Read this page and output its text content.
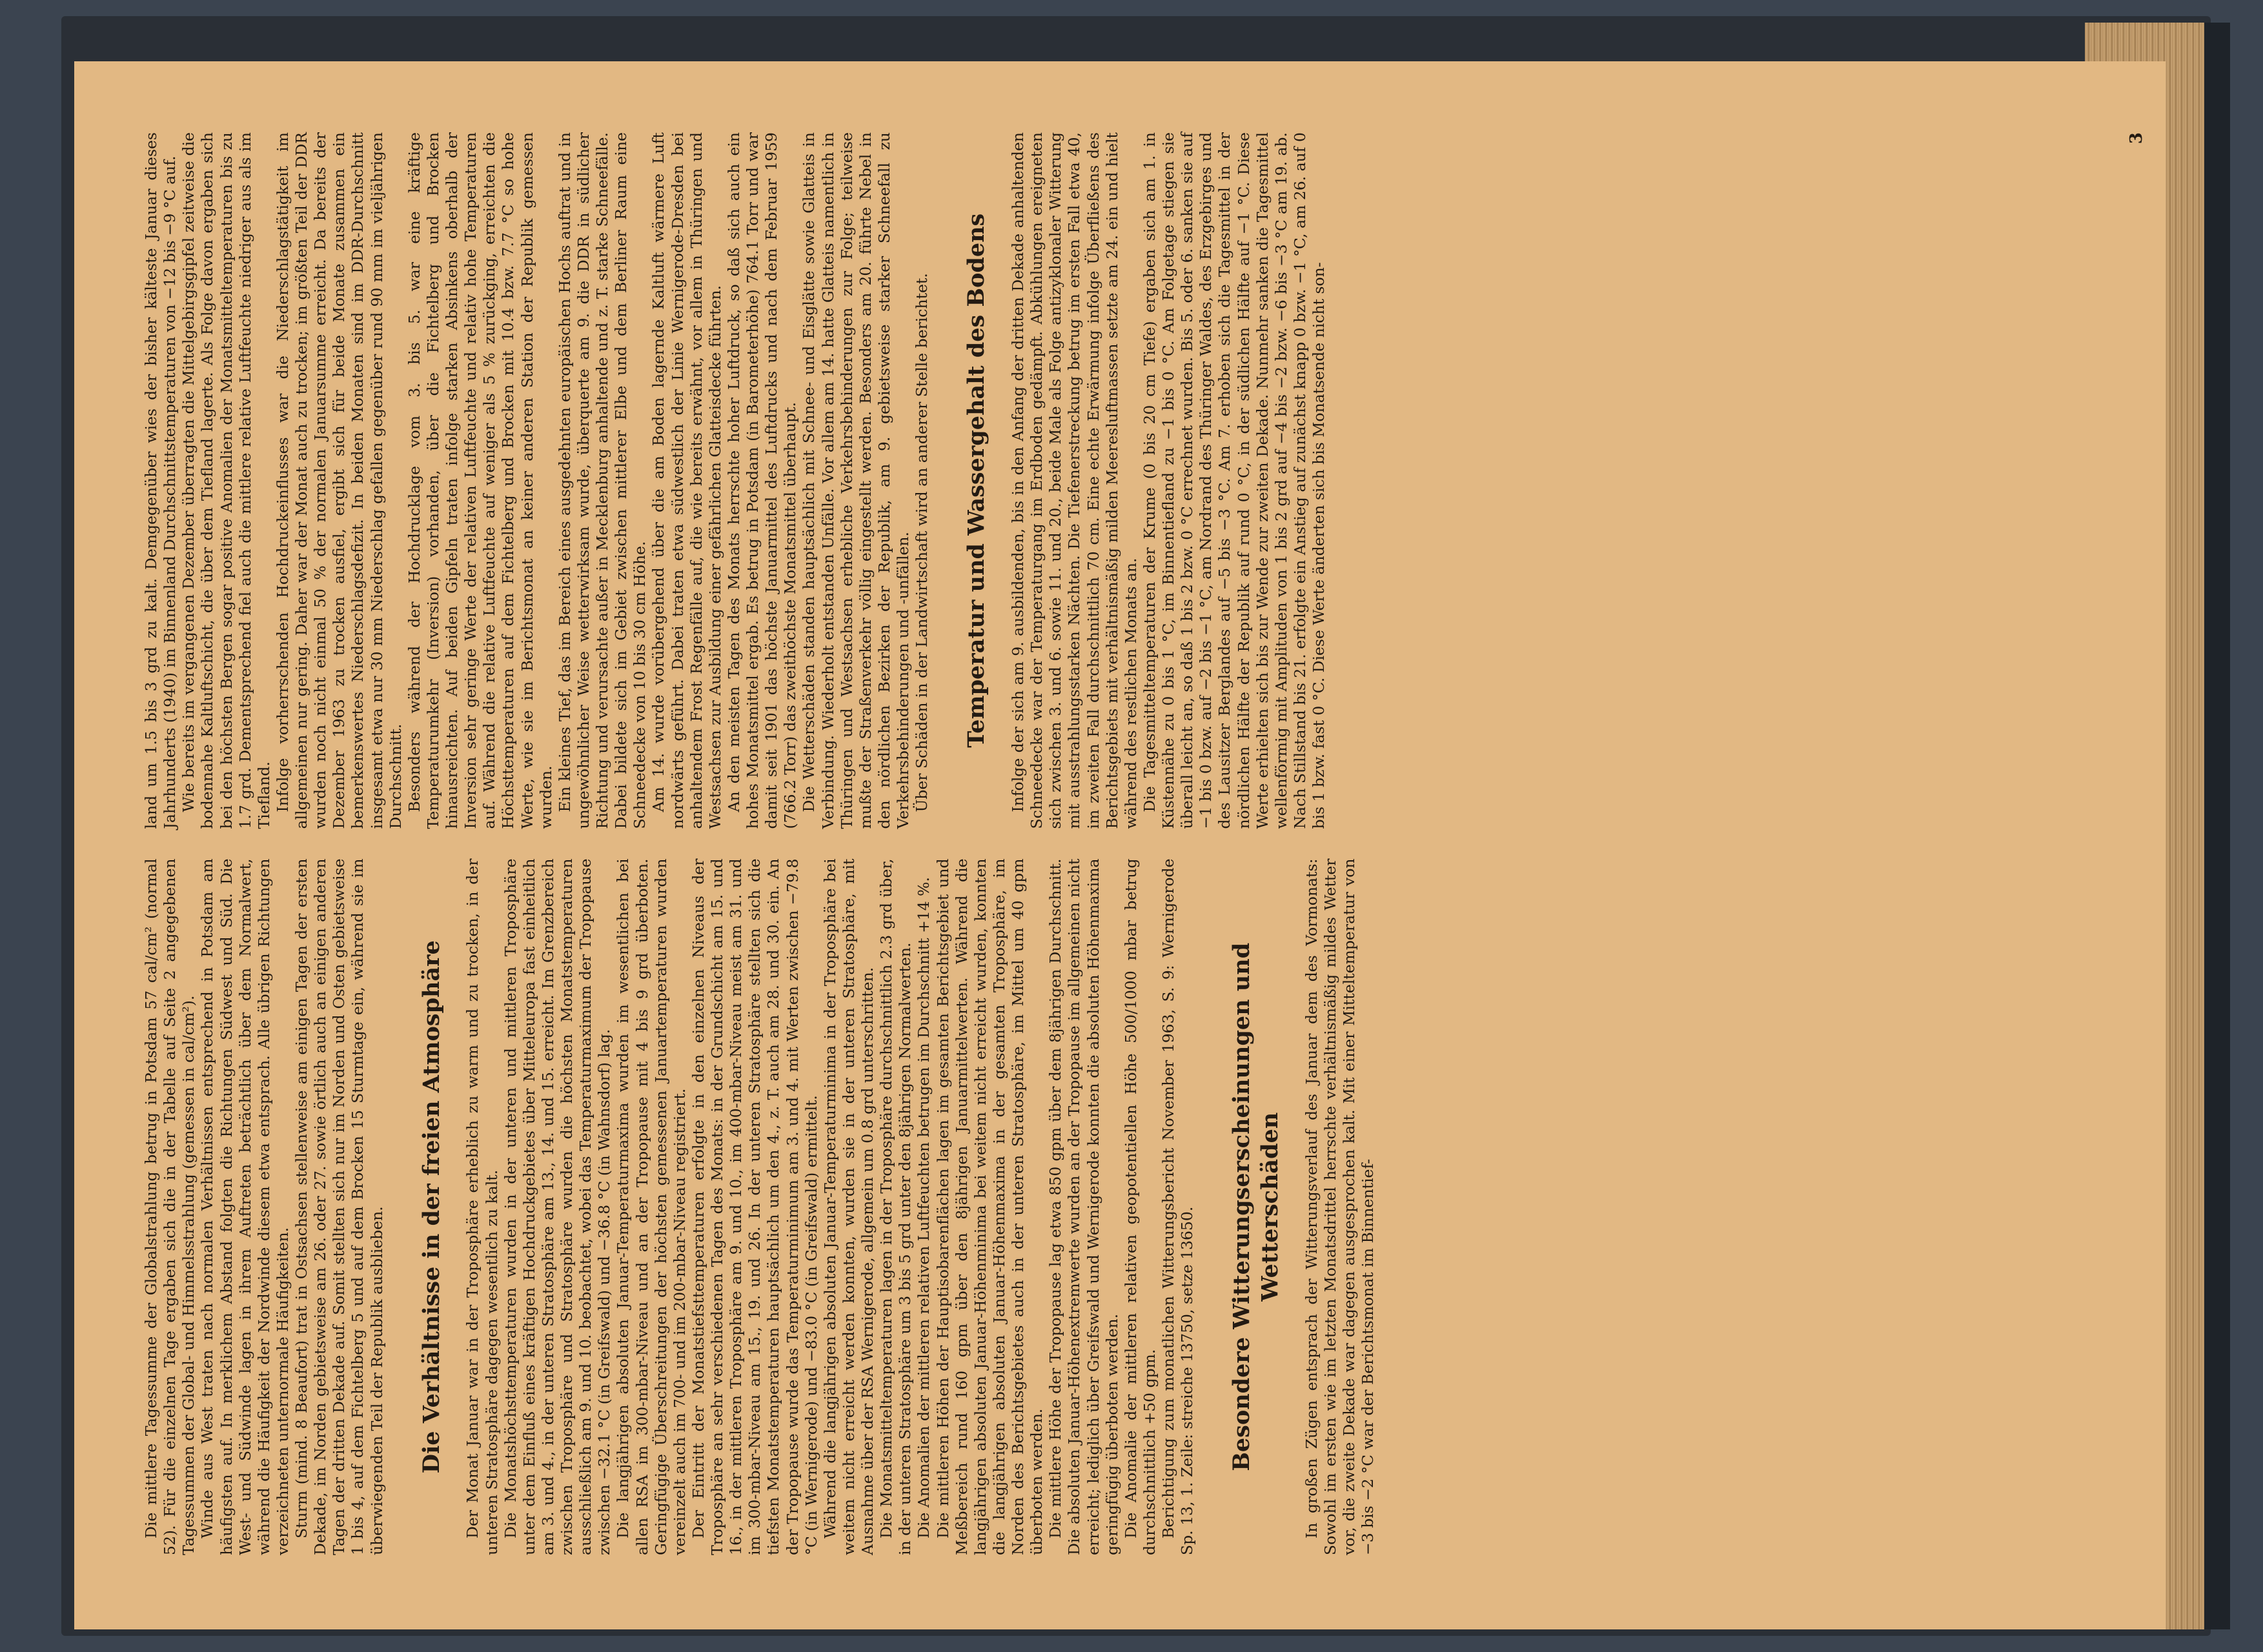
Die mittlere Tagessumme der Globalstrahlung betrug in Potsdam 57 cal/cm² (normal 52). Für die einzelnen Tage ergaben sich die in der Tabelle auf Seite 2 angegebenen Tagessummen der Global- und Himmelsstrahlung (gemessen in cal/cm²). Winde aus West traten nach normalen Verhältnissen entsprechend in Potsdam am häufigsten auf. In merklichem Abstand folgten die Richtungen Südwest und Süd. Die West- und Südwinde lagen in ihrem Auftreten beträchtlich über dem Normalwert, während die Häufigkeit der Nordwinde diesem etwa entsprach. Alle übrigen Richtungen verzeichneten unternormale Häufigkeiten. Sturm (mind. 8 Beaufort) trat in Ostsachsen stellenweise am einigen Tagen der ersten Dekade, im Norden gebietsweise am 26. oder 27. sowie örtlich auch an einigen anderen Tagen der dritten Dekade auf. Somit stellten sich nur im Norden und Osten gebietsweise 1 bis 4, auf dem Fichtelberg 5 und auf dem Brocken 15 Sturmtage ein, während sie im überwiegenden Teil der Republik ausblieben. Die Verhältnisse in der freien Atmosphäre Der Monat Januar war in der Troposphäre erheblich zu warm und zu trocken, in der unteren Stratosphäre dagegen wesentlich zu kalt. Die Monatshöchsttemperaturen wurden in der unteren und mittleren Troposphäre unter dem Einfluß eines kräftigen Hochdruckgebietes über Mitteleuropa fast einheitlich am 3. und 4., in der unteren Stratosphäre am 13., 14. und 15. erreicht. Im Grenzbereich zwischen Troposphäre und Stratosphäre wurden die höchsten Monatstemperaturen ausschließlich am 9. und 10. beobachtet, wobei das Temperaturmaximum der Tropopause zwischen −32.1 °C (in Greifswald) und −36.8 °C (in Wahnsdorf) lag. Die langjährigen absoluten Januar-Temperaturmaxima wurden im wesentlichen bei allen RSA im 300-mbar-Niveau und an der Tropopause mit 4 bis 9 grd überboten. Geringfügige Überschreitungen der höchsten gemessenen Januartemperaturen wurden vereinzelt auch im 700- und im 200-mbar-Niveau registriert. Der Eintritt der Monatstiefsttemperaturen erfolgte in den einzelnen Niveaus der Troposphäre an sehr verschiedenen Tagen des Monats: in der Grundschicht am 15. und 16., in der mittleren Troposphäre am 9. und 10., im 400-mbar-Niveau meist am 31. und im 300-mbar-Niveau am 15., 19. und 26. In der unteren Stratosphäre stellten sich die tiefsten Monatstemperaturen hauptsächlich um den 4., z. T. auch am 28. und 30. ein. An der Tropopause wurde das Temperaturminimum am 3. und 4. mit Werten zwischen −79.8 °C (in Wernigerode) und −83.0 °C (in Greifswald) ermittelt. Während die langjährigen absoluten Januar-Temperaturminima in der Troposphäre bei weitem nicht erreicht werden konnten, wurden sie in der unteren Stratosphäre, mit Ausnahme über der RSA Wernigerode, allgemein um 0.8 grd unterschritten. Die Monatsmitteltemperaturen lagen in der Troposphäre durchschnittlich 2.3 grd über, in der unteren Stratosphäre um 3 bis 5 grd unter den 8jährigen Normalwerten. Die Anomalien der mittleren relativen Luftfeuchten betrugen im Durchschnitt +14 %. Die mittleren Höhen der Hauptisobarenflächen lagen im gesamten Berichtsgebiet und Meßbereich rund 160 gpm über den 8jährigen Januarmittelwerten. Während die langjährigen absoluten Januar-Höhenminima bei weitem nicht erreicht wurden, konnten die langjährigen absoluten Januar-Höhenmaxima in der gesamten Troposphäre, im Norden des Berichtsgebietes auch in der unteren Stratosphäre, im Mittel um 40 gpm überboten werden. Die mittlere Höhe der Tropopause lag etwa 850 gpm über dem 8jährigen Durchschnitt. Die absoluten Januar-Höhenextremwerte wurden an der Tropopause im allgemeinen nicht erreicht; lediglich über Greifswald und Wernigerode konnten die absoluten Höhenmaxima geringfügig überboten werden. Die Anomalie der mittleren relativen geopotentiellen Höhe 500/1000 mbar betrug durchschnittlich +50 gpm. Berichtigung zum monatlichen Witterungsbericht November 1963, S. 9: Wernigerode Sp. 13, 1. Zeile: streiche 13750, setze 13650. Besondere Witterungserscheinungen und Wetterschäden In großen Zügen entsprach der Witterungsverlauf des Januar dem des Vormonats: Sowohl im ersten wie im letzten Monatsdrittel herrschte verhältnismäßig mildes Wetter vor, die zweite Dekade war dagegen ausgesprochen kalt. Mit einer Mitteltemperatur von −3 bis −2 °C war der Berichtsmonat im Binnentief-

land um 1.5 bis 3 grd zu kalt. Demgegenüber wies der bisher kälteste Januar dieses Jahrhunderts (1940) im Binnenland Durchschnittstemperaturen von −12 bis −9 °C auf. Wie bereits im vergangenen Dezember überragten die Mittelgebirgsgipfel zeitweise die bodennahe Kaltluftschicht, die über dem Tiefland lagerte. Als Folge davon ergaben sich bei den höchsten Bergen sogar positive Anomalien der Monatsmitteltemperaturen bis zu 1.7 grd. Dementsprechend fiel auch die mittlere relative Luftfeuchte niedriger aus als im Tiefland. Infolge vorherrschenden Hochdruckeinflusses war die Niederschlagstätigkeit im allgemeinen nur gering. Daher war der Monat auch zu trocken; im größten Teil der DDR wurden noch nicht einmal 50 % der normalen Januarsumme erreicht. Da bereits der Dezember 1963 zu trocken ausfiel, ergibt sich für beide Monate zusammen ein bemerkenswertes Niederschlagsdefizit. In beiden Monaten sind im DDR-Durchschnitt insgesamt etwa nur 30 mm Niederschlag gefallen gegenüber rund 90 mm im vieljährigen Durchschnitt. Besonders während der Hochdrucklage vom 3. bis 5. war eine kräftige Temperaturumkehr (Inversion) vorhanden, über die Fichtelberg und Brocken hinausreichten. Auf beiden Gipfeln traten infolge starken Absinkens oberhalb der Inversion sehr geringe Werte der relativen Luftfeuchte und relativ hohe Temperaturen auf. Während die relative Luftfeuchte auf weniger als 5 % zurückging, erreichten die Höchsttemperaturen auf dem Fichtelberg und Brocken mit 10.4 bzw. 7.7 °C so hohe Werte, wie sie im Berichtsmonat an keiner anderen Station der Republik gemessen wurden. Ein kleines Tief, das im Bereich eines ausgedehnten europäischen Hochs auftrat und in ungewöhnlicher Weise wetterwirksam wurde, überquerte am 9. die DDR in südlicher Richtung und verursachte außer in Mecklenburg anhaltende und z. T. starke Schneefälle. Dabei bildete sich im Gebiet zwischen mittlerer Elbe und dem Berliner Raum eine Schneedecke von 10 bis 30 cm Höhe. Am 14. wurde vorübergehend über die am Boden lagernde Kaltluft wärmere Luft nordwärts geführt. Dabei traten etwa südwestlich der Linie Wernigerode-Dresden bei anhaltendem Frost Regenfälle auf, die wie bereits erwähnt, vor allem in Thüringen und Westsachsen zur Ausbildung einer gefährlichen Glatteisdecke führten. An den meisten Tagen des Monats herrschte hoher Luftdruck, so daß sich auch ein hohes Monatsmittel ergab. Es betrug in Potsdam (in Barometerhöhe) 764.1 Torr und war damit seit 1901 das höchste Januarmittel des Luftdrucks und nach dem Februar 1959 (766.2 Torr) das zweithöchste Monatsmittel überhaupt. Die Wetterschäden standen hauptsächlich mit Schnee- und Eisglätte sowie Glatteis in Verbindung. Wiederholt entstanden Unfälle. Vor allem am 14. hatte Glatteis namentlich in Thüringen und Westsachsen erhebliche Verkehrsbehinderungen zur Folge; teilweise mußte der Straßenverkehr völlig eingestellt werden. Besonders am 20. führte Nebel in den nördlichen Bezirken der Republik, am 9. gebietsweise starker Schneefall zu Verkehrsbehinderungen und -unfällen. Über Schäden in der Landwirtschaft wird an anderer Stelle berichtet. Temperatur und Wassergehalt des Bodens Infolge der sich am 9. ausbildenden, bis in den Anfang der dritten Dekade anhaltenden Schneedecke war der Temperaturgang im Erdboden gedämpft. Abkühlungen ereigneten sich zwischen 3. und 6. sowie 11. und 20., beide Male als Folge antizyklonaler Witterung mit ausstrahlungsstarken Nächten. Die Tiefenerstreckung betrug im ersten Fall etwa 40, im zweiten Fall durchschnittlich 70 cm. Eine echte Erwärmung infolge Überfließens des Berichtsgebiets mit verhältnismäßig milden Meeresluftmassen setzte am 24. ein und hielt während des restlichen Monats an. Die Tagesmitteltemperaturen der Krume (0 bis 20 cm Tiefe) ergaben sich am 1. in Küstennähe zu 0 bis 1 °C, im Binnentiefland zu −1 bis 0 °C. Am Folgetage stiegen sie überall leicht an, so daß 1 bis 2 bzw. 0 °C errechnet wurden. Bis 5. oder 6. sanken sie auf −1 bis 0 bzw. auf −2 bis −1 °C, am Nordrand des Thüringer Waldes, des Erzgebirges und des Lausitzer Berglandes auf −5 bis −3 °C. Am 7. erhoben sich die Tagesmittel in der nördlichen Hälfte der Republik auf rund 0 °C, in der südlichen Hälfte auf −1 °C. Diese Werte erhielten sich bis zur Wende zur zweiten Dekade. Nunmehr sanken die Tagesmittel wellenförmig mit Amplituden von 1 bis 2 grd auf −4 bis −2 bzw. −6 bis −3 °C am 19. ab. Nach Stillstand bis 21. erfolgte ein Anstieg auf zunächst knapp 0 bzw. −1 °C, am 26. auf 0 bis 1 bzw. fast 0 °C. Diese Werte änderten sich bis Monatsende nicht son-

3
